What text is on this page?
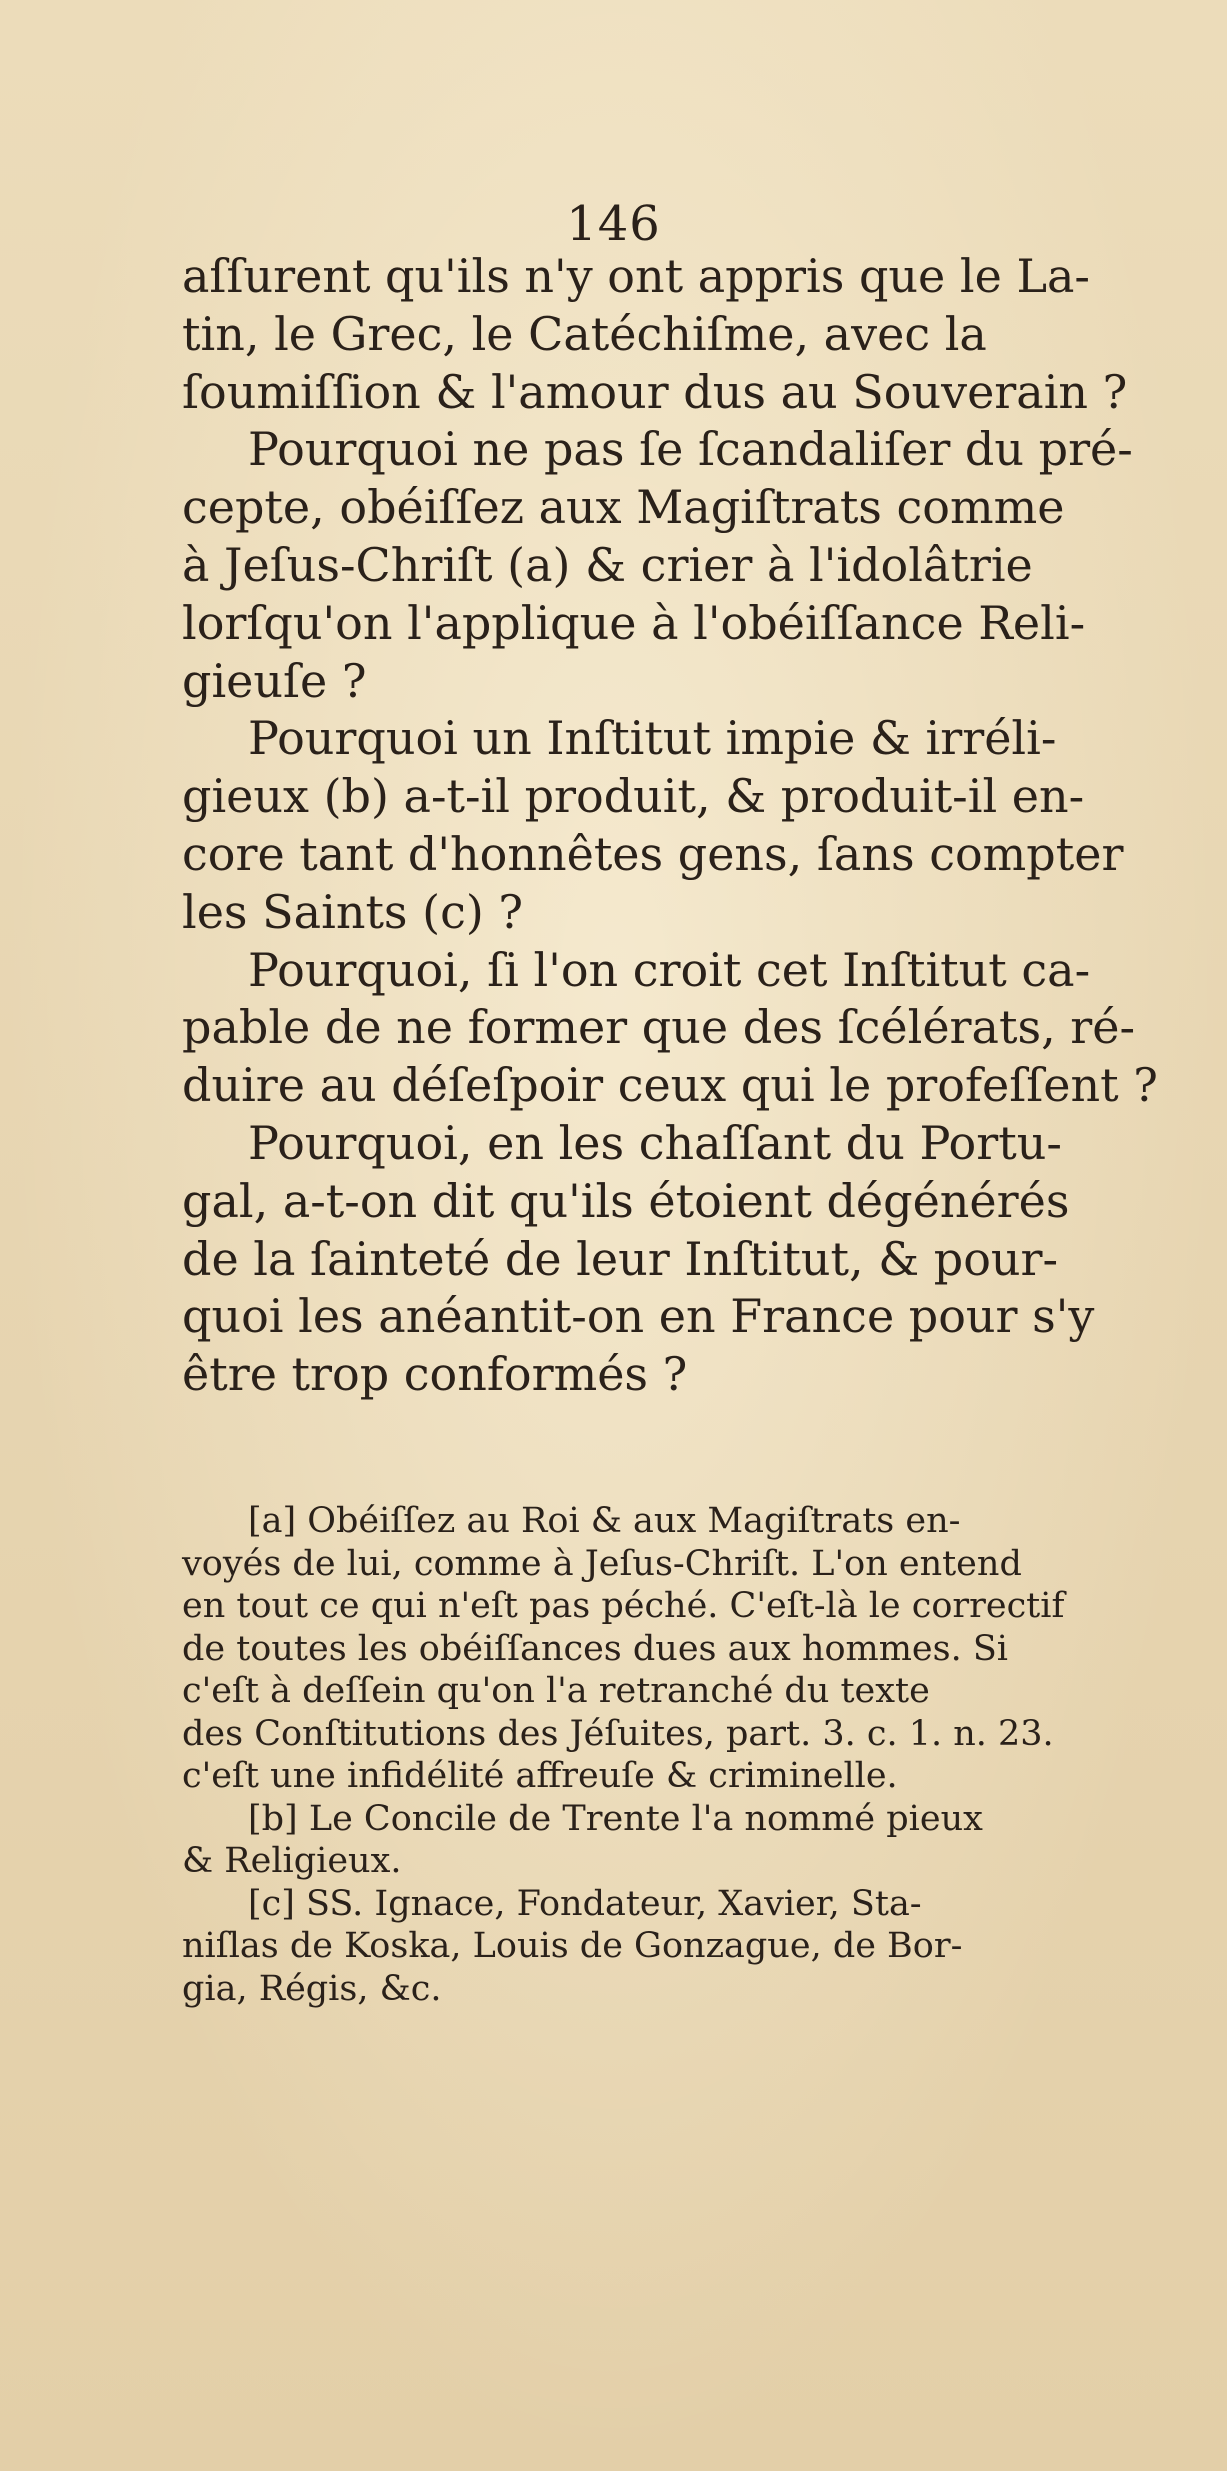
146
aſſurent qu'ils n'y ont appris que le La-
tin, le Grec, le Catéchiſme, avec la
ſoumiſſion & l'amour dus au Souverain ?
Pourquoi ne pas ſe ſcandaliſer du pré-
cepte, obéiſſez aux Magiſtrats comme
à Jeſus-Chriſt (a) & crier à l'idolâtrie
lorſqu'on l'applique à l'obéiſſance Reli-
gieuſe ?
Pourquoi un Inſtitut impie & irréli-
gieux (b) a-t-il produit, & produit-il en-
core tant d'honnêtes gens, ſans compter
les Saints (c) ?
Pourquoi, ſi l'on croit cet Inſtitut ca-
pable de ne former que des ſcélérats, ré-
duire au déſeſpoir ceux qui le profeſſent ?
Pourquoi, en les chaſſant du Portu-
gal, a-t-on dit qu'ils étoient dégénérés
de la ſainteté de leur Inſtitut, & pour-
quoi les anéantit-on en France pour s'y
être trop conformés ?
[a] Obéiſſez au Roi & aux Magiſtrats en-
voyés de lui, comme à Jeſus-Chriſt. L'on entend
en tout ce qui n'eſt pas péché. C'eſt-là le correctif
de toutes les obéiſſances dues aux hommes. Si
c'eſt à deſſein qu'on l'a retranché du texte
des Conſtitutions des Jéſuites, part. 3. c. 1. n. 23.
c'eſt une infidélité affreuſe & criminelle.
[b] Le Concile de Trente l'a nommé pieux
& Religieux.
[c] SS. Ignace, Fondateur, Xavier, Sta-
niſlas de Koska, Louis de Gonzague, de Bor-
gia, Régis, &c.
